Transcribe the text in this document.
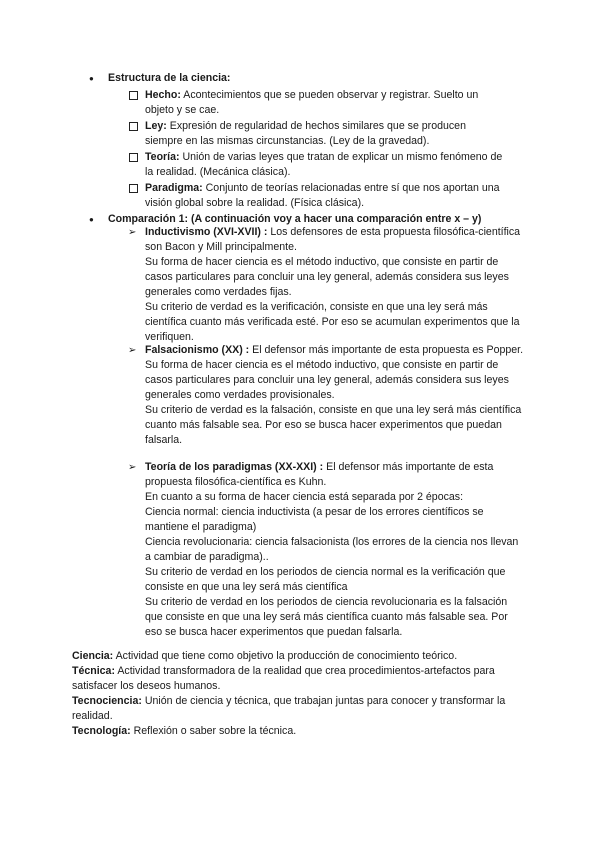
● Estructura de la ciencia:
Hecho: Acontecimientos que se pueden observar y registrar. Suelto un objeto y se cae.
Ley: Expresión de regularidad de hechos similares que se producen siempre en las mismas circunstancias. (Ley de la gravedad).
Teoría: Unión de varias leyes que tratan de explicar un mismo fenómeno de la realidad. (Mecánica clásica).
Paradigma: Conjunto de teorías relacionadas entre sí que nos aportan una visión global sobre la realidad. (Física clásica).
● Comparación 1: (A continuación voy a hacer una comparación entre x – y)
➢ Inductivismo (XVI-XVII) : Los defensores de esta propuesta filosófica-científica son Bacon y Mill principalmente.

Su forma de hacer ciencia es el método inductivo, que consiste en partir de casos particulares para concluir una ley general, además considera sus leyes generales como verdades fijas.

Su criterio de verdad es la verificación, consiste en que una ley será más científica cuanto más verificada esté. Por eso se acumulan experimentos que la verifiquen.

➢ Falsacionismo (XX) : El defensor más importante de esta propuesta es Popper.

Su forma de hacer ciencia es el método inductivo, que consiste en partir de casos particulares para concluir una ley general, además considera sus leyes generales como verdades provisionales.

Su criterio de verdad es la falsación, consiste en que una ley será más científica cuanto más falsable sea. Por eso se busca hacer experimentos que puedan falsarla.

➢ Teoría de los paradigmas (XX-XXI) : El defensor más importante de esta propuesta filosófica-científica es Kuhn.

En cuanto a su forma de hacer ciencia está separada por 2 épocas:

Ciencia normal: ciencia inductivista (a pesar de los errores científicos se mantiene el paradigma)

Ciencia revolucionaria: ciencia falsacionista (los errores de la ciencia nos llevan a cambiar de paradigma)..

Su criterio de verdad en los periodos de ciencia normal es la verificación que consiste en que una ley será más científica

Su criterio de verdad en los periodos de ciencia revolucionaria es la falsación que consiste en que una ley será más científica cuanto más falsable sea. Por eso se busca hacer experimentos que puedan falsarla.

Ciencia: Actividad que tiene como objetivo la producción de conocimiento teórico.
Técnica: Actividad transformadora de la realidad que crea procedimientos-artefactos para satisfacer los deseos humanos.
Tecnociencia: Unión de ciencia y técnica, que trabajan juntas para conocer y transformar la realidad.
Tecnología: Reflexión o saber sobre la técnica.
